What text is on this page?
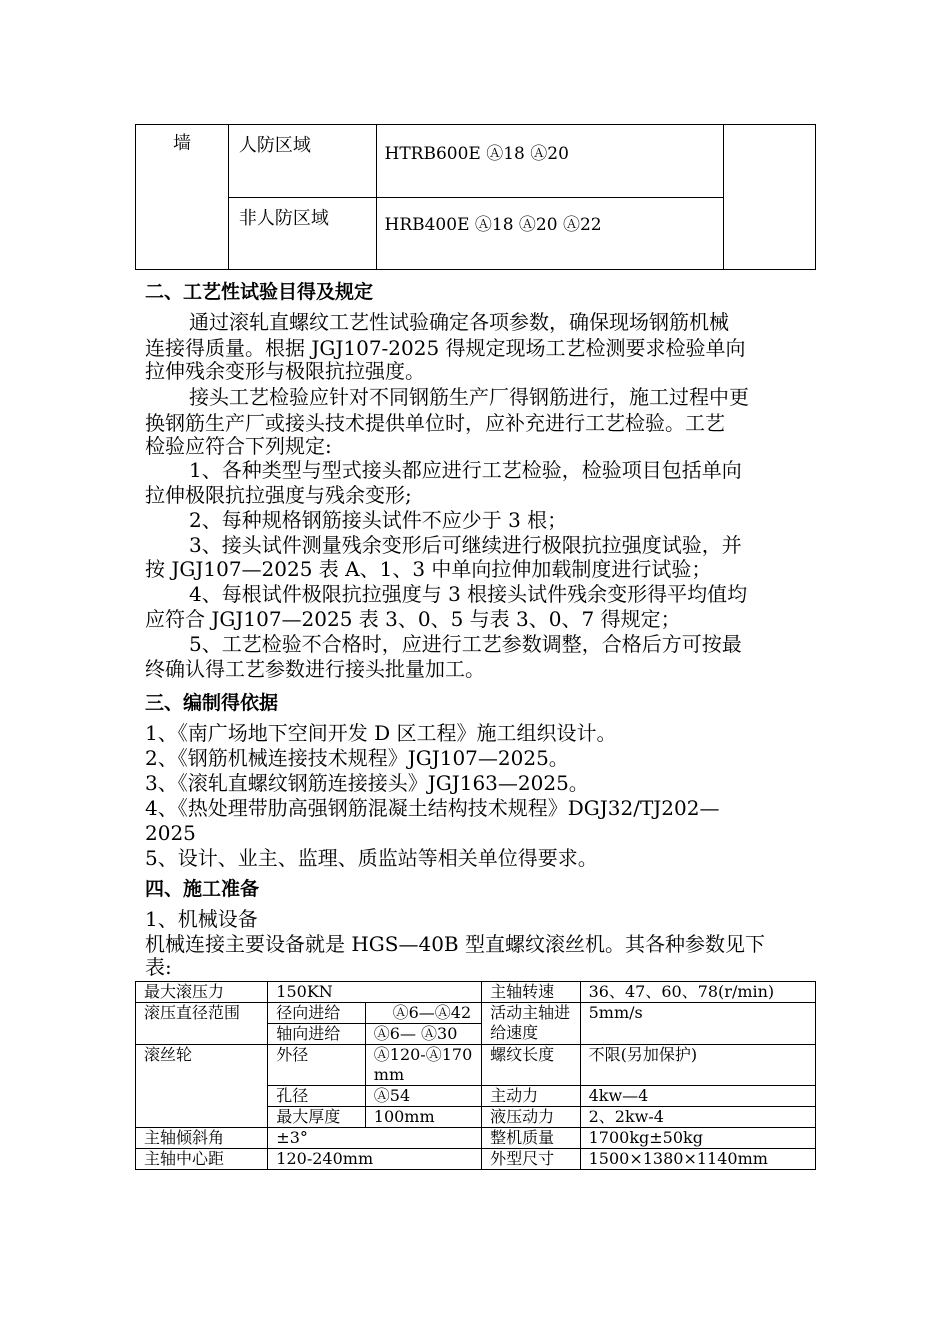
墙	人防区域	HTRB600E Ⓐ18 Ⓐ20	

	非人防区域	HRB400E Ⓐ18 Ⓐ20 Ⓐ22	
二、工艺性试验目得及规定
通过滚轧直螺纹工艺性试验确定各项参数，确保现场钢筋机械
连接得质量。根据 JGJ107-2025 得规定现场工艺检测要求检验单向
拉伸残余变形与极限抗拉强度。
接头工艺检验应针对不同钢筋生产厂得钢筋进行，施工过程中更
换钢筋生产厂或接头技术提供单位时，应补充进行工艺检验。工艺
检验应符合下列规定:
1、各种类型与型式接头都应进行工艺检验，检验项目包括单向
拉伸极限抗拉强度与残余变形;
2、每种规格钢筋接头试件不应少于 3 根；
3、接头试件测量残余变形后可继续进行极限抗拉强度试验，并
按 JGJ107—2025 表 A、1、3 中单向拉伸加载制度进行试验；
4、每根试件极限抗拉强度与 3 根接头试件残余变形得平均值均
应符合 JGJ107—2025 表 3、0、5 与表 3、0、7 得规定；
5、工艺检验不合格时，应进行工艺参数调整，合格后方可按最
终确认得工艺参数进行接头批量加工。
三、编制得依据
1、《南广场地下空间开发 D 区工程》施工组织设计。
2、《钢筋机械连接技术规程》JGJ107—2025。
3、《滚轧直螺纹钢筋连接接头》JGJ163—2025。
4、《热处理带肋高强钢筋混凝土结构技术规程》DGJ32/TJ202—
2025
5、设计、业主、监理、质监站等相关单位得要求。
四、施工准备
1、机械设备
机械连接主要设备就是 HGS—40B 型直螺纹滚丝机。其各种参数见下
表:
最大滚压力	150KN		主轴转速	36、47、60、78(r/min)
滚压直径范围	径向进给	Ⓐ6—Ⓐ42	活动主轴进给速度	5mm/s
	轴向进给	Ⓐ6— Ⓐ30		
滚丝轮	外径	Ⓐ120-Ⓐ170mm	螺纹长度	不限(另加保护)
	孔径	Ⓐ54	主动力	4kw—4
	最大厚度	100mm	液压动力	2、2kw-4
主轴倾斜角	±3°		整机质量	1700kg±50kg
主轴中心距	120-240mm		外型尺寸	1500×1380×1140mm
